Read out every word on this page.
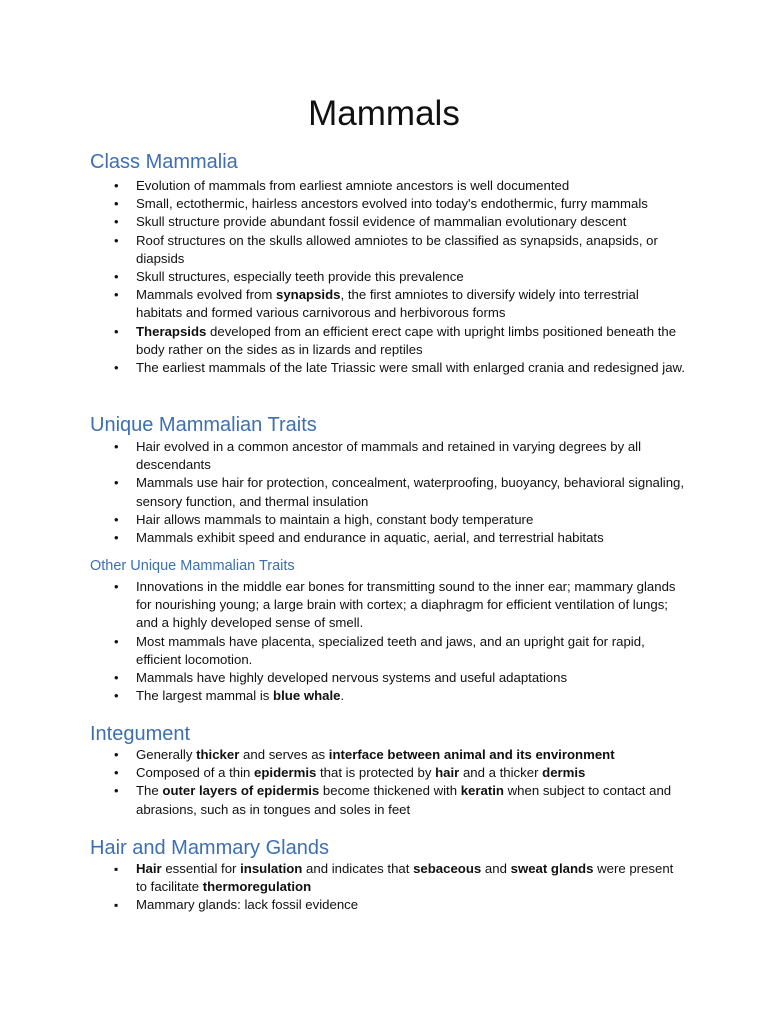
Mammals
Class Mammalia
• Evolution of mammals from earliest amniote ancestors is well documented
• Small, ectothermic, hairless ancestors evolved into today's endothermic, furry mammals
• Skull structure provide abundant fossil evidence of mammalian evolutionary descent
• Roof structures on the skulls allowed amniotes to be classified as synapsids, anapsids, or diapsids
• Skull structures, especially teeth provide this prevalence
• Mammals evolved from synapsids, the first amniotes to diversify widely into terrestrial habitats and formed various carnivorous and herbivorous forms
• Therapsids developed from an efficient erect cape with upright limbs positioned beneath the body rather on the sides as in lizards and reptiles
• The earliest mammals of the late Triassic were small with enlarged crania and redesigned jaw.
Unique Mammalian Traits
• Hair evolved in a common ancestor of mammals and retained in varying degrees by all descendants
• Mammals use hair for protection, concealment, waterproofing, buoyancy, behavioral signaling, sensory function, and thermal insulation
• Hair allows mammals to maintain a high, constant body temperature
• Mammals exhibit speed and endurance in aquatic, aerial, and terrestrial habitats
Other Unique Mammalian Traits
• Innovations in the middle ear bones for transmitting sound to the inner ear; mammary glands for nourishing young; a large brain with cortex; a diaphragm for efficient ventilation of lungs; and a highly developed sense of smell.
• Most mammals have placenta, specialized teeth and jaws, and an upright gait for rapid, efficient locomotion.
• Mammals have highly developed nervous systems and useful adaptations
• The largest mammal is blue whale.
Integument
• Generally thicker and serves as interface between animal and its environment
• Composed of a thin epidermis that is protected by hair and a thicker dermis
• The outer layers of epidermis become thickened with keratin when subject to contact and abrasions, such as in tongues and soles in feet
Hair and Mammary Glands
▪ Hair essential for insulation and indicates that sebaceous and sweat glands were present to facilitate thermoregulation
▪ Mammary glands: lack fossil evidence
